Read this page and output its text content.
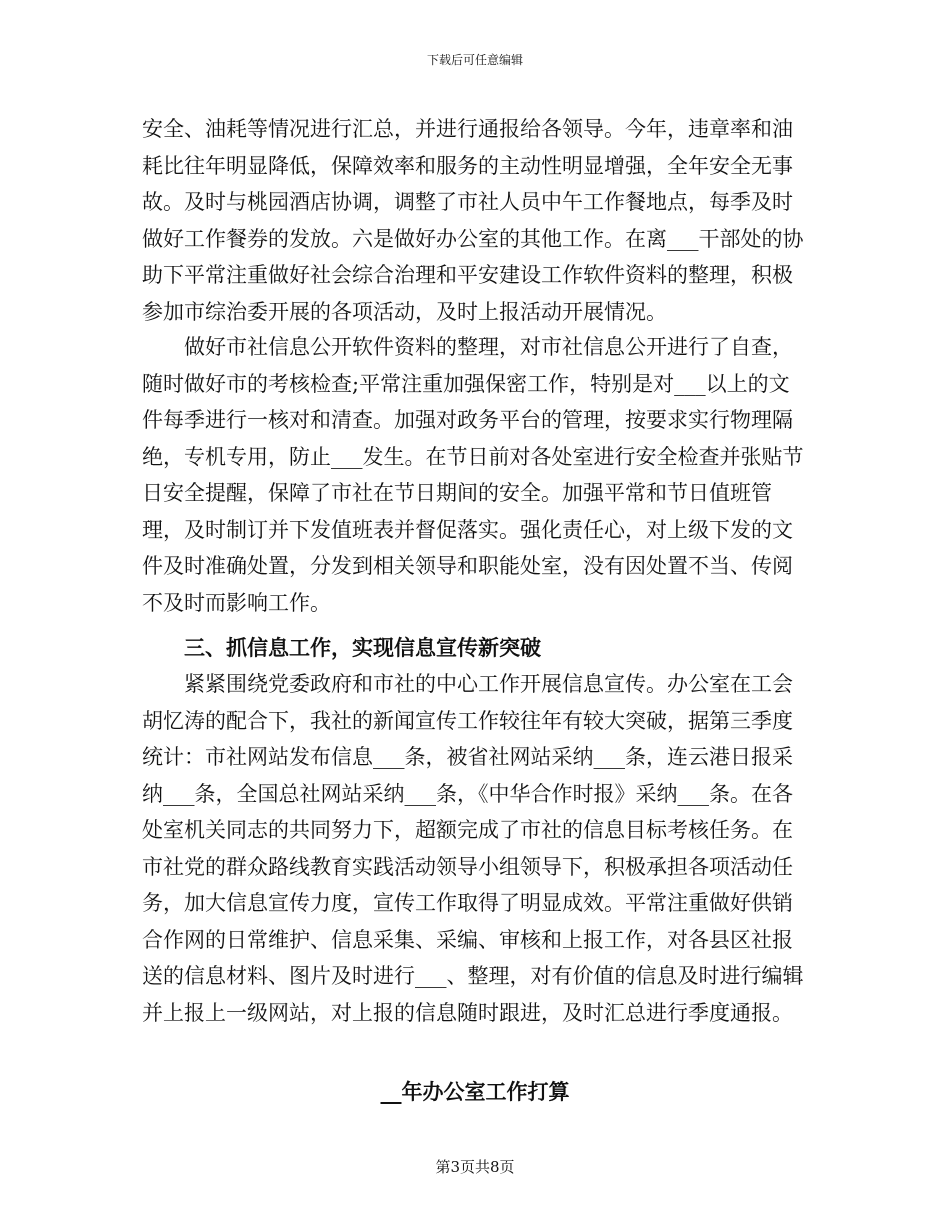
下载后可任意编辑

安全、油耗等情况进行汇总，并进行通报给各领导。今年，违章率和油耗比往年明显降低，保障效率和服务的主动性明显增强，全年安全无事故。及时与桃园酒店协调，调整了市社人员中午工作餐地点，每季及时做好工作餐券的发放。六是做好办公室的其他工作。在离___干部处的协助下平常注重做好社会综合治理和平安建设工作软件资料的整理，积极参加市综治委开展的各项活动，及时上报活动开展情况。

做好市社信息公开软件资料的整理，对市社信息公开进行了自查，随时做好市的考核检查;平常注重加强保密工作，特别是对___以上的文件每季进行一核对和清查。加强对政务平台的管理，按要求实行物理隔绝，专机专用，防止___发生。在节日前对各处室进行安全检查并张贴节日安全提醒，保障了市社在节日期间的安全。加强平常和节日值班管理，及时制订并下发值班表并督促落实。强化责任心，对上级下发的文件及时准确处置，分发到相关领导和职能处室，没有因处置不当、传阅不及时而影响工作。

三、抓信息工作，实现信息宣传新突破

紧紧围绕党委政府和市社的中心工作开展信息宣传。办公室在工会胡忆涛的配合下，我社的新闻宣传工作较往年有较大突破，据第三季度统计：市社网站发布信息___条，被省社网站采纳___条，连云港日报采纳___条，全国总社网站采纳___条，《中华合作时报》采纳___条。在各处室机关同志的共同努力下，超额完成了市社的信息目标考核任务。在市社党的群众路线教育实践活动领导小组领导下，积极承担各项活动任务，加大信息宣传力度，宣传工作取得了明显成效。平常注重做好供销合作网的日常维护、信息采集、采编、审核和上报工作，对各县区社报送的信息材料、图片及时进行___、整理，对有价值的信息及时进行编辑并上报上一级网站，对上报的信息随时跟进，及时汇总进行季度通报。

__年办公室工作打算
第3页共8页
